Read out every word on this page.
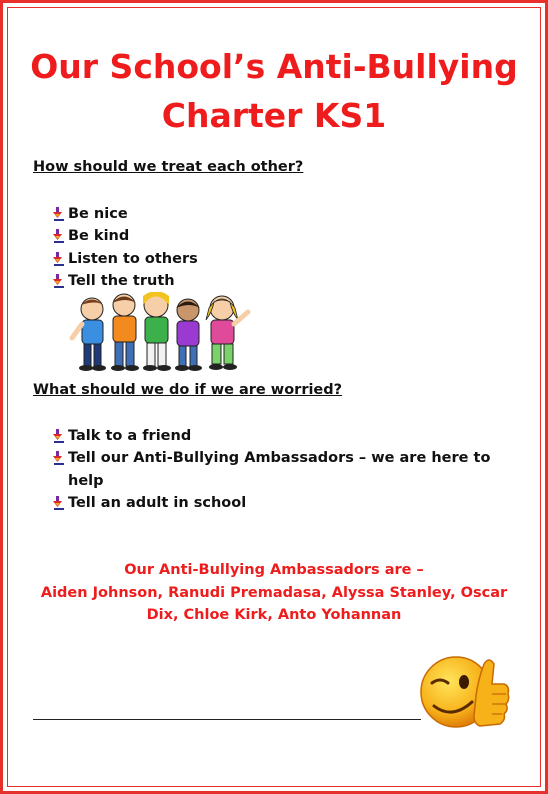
Our School’s Anti-Bullying
Charter KS1
How should we treat each other?
Be nice
Be kind
Listen to others
Tell the truth
What should we do if we are worried?
Talk to a friend
Tell our Anti-Bullying Ambassadors – we are here to help
Tell an adult in school
Our Anti-Bullying Ambassadors are –
Aiden Johnson, Ranudi Premadasa, Alyssa Stanley, Oscar Dix, Chloe Kirk, Anto Yohannan
